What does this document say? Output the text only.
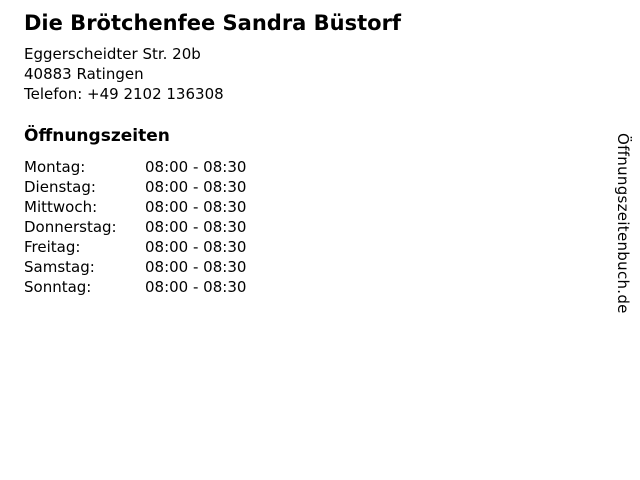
Die Brötchenfee Sandra Büstorf
Eggerscheidter Str. 20b
40883 Ratingen
Telefon: +49 2102 136308
Öffnungszeiten
Montag:	08:00 - 08:30
Dienstag:	08:00 - 08:30
Mittwoch:	08:00 - 08:30
Donnerstag:	08:00 - 08:30
Freitag:	08:00 - 08:30
Samstag:	08:00 - 08:30
Sonntag:	08:00 - 08:30	Öffnungszeitenbuch.de
